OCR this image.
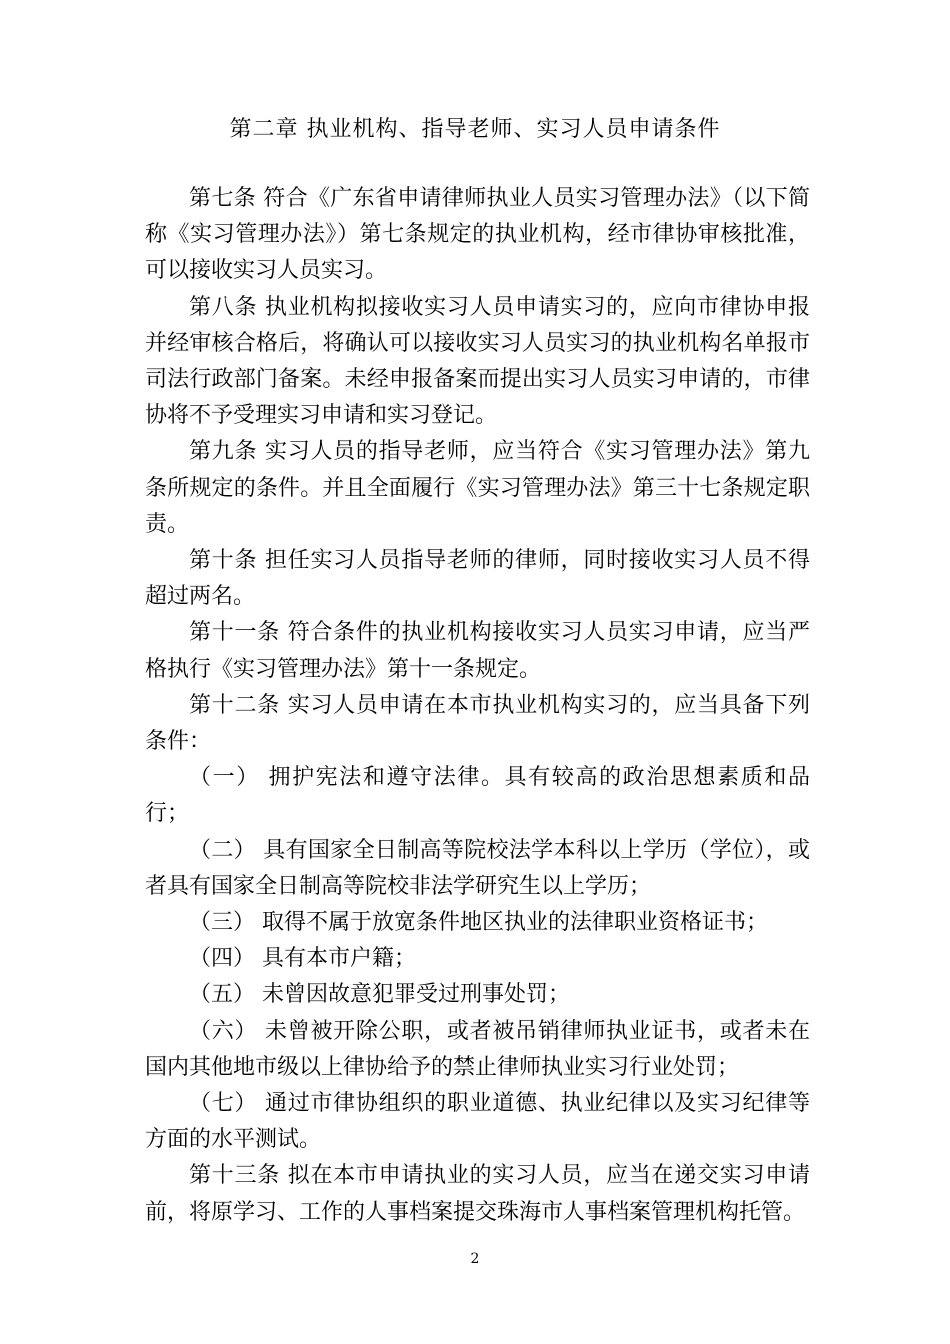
第二章 执业机构、指导老师、实习人员申请条件

第七条 符合《广东省申请律师执业人员实习管理办法》（以下简称《实习管理办法》）第七条规定的执业机构，经市律协审核批准，可以接收实习人员实习。

第八条 执业机构拟接收实习人员申请实习的，应向市律协申报并经审核合格后，将确认可以接收实习人员实习的执业机构名单报市司法行政部门备案。未经申报备案而提出实习人员实习申请的，市律协将不予受理实习申请和实习登记。

第九条 实习人员的指导老师，应当符合《实习管理办法》第九条所规定的条件。并且全面履行《实习管理办法》第三十七条规定职责。

第十条 担任实习人员指导老师的律师，同时接收实习人员不得超过两名。

第十一条 符合条件的执业机构接收实习人员实习申请，应当严格执行《实习管理办法》第十一条规定。

第十二条 实习人员申请在本市执业机构实习的，应当具备下列条件：

（一） 拥护宪法和遵守法律。具有较高的政治思想素质和品行；

（二） 具有国家全日制高等院校法学本科以上学历（学位），或者具有国家全日制高等院校非法学研究生以上学历；

（三） 取得不属于放宽条件地区执业的法律职业资格证书；

（四） 具有本市户籍；

（五） 未曾因故意犯罪受过刑事处罚；

（六） 未曾被开除公职，或者被吊销律师执业证书，或者未在国内其他地市级以上律协给予的禁止律师执业实习行业处罚；

（七） 通过市律协组织的职业道德、执业纪律以及实习纪律等方面的水平测试。

第十三条 拟在本市申请执业的实习人员，应当在递交实习申请前，将原学习、工作的人事档案提交珠海市人事档案管理机构托管。

2
